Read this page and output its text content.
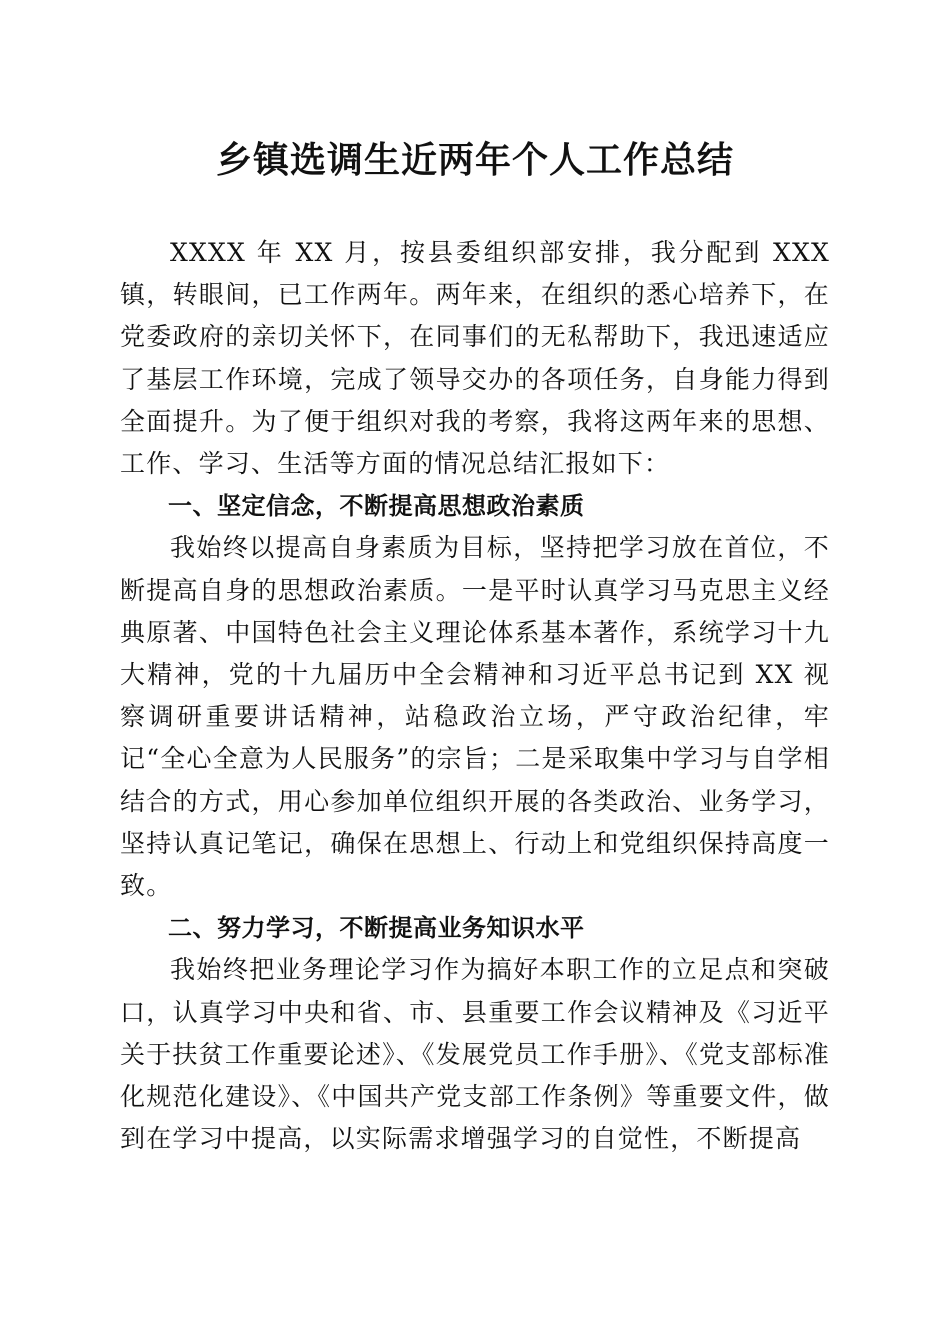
乡镇选调生近两年个人工作总结

XXXX 年 XX 月，按县委组织部安排，我分配到 XXX 镇，转眼间，已工作两年。两年来，在组织的悉心培养下，在党委政府的亲切关怀下，在同事们的无私帮助下，我迅速适应了基层工作环境，完成了领导交办的各项任务，自身能力得到全面提升。为了便于组织对我的考察，我将这两年来的思想、工作、学习、生活等方面的情况总结汇报如下：

一、坚定信念，不断提高思想政治素质

我始终以提高自身素质为目标，坚持把学习放在首位，不断提高自身的思想政治素质。一是平时认真学习马克思主义经典原著、中国特色社会主义理论体系基本著作，系统学习十九大精神，党的十九届历中全会精神和习近平总书记到 XX 视察调研重要讲话精神，站稳政治立场，严守政治纪律，牢记“全心全意为人民服务”的宗旨；二是采取集中学习与自学相结合的方式，用心参加单位组织开展的各类政治、业务学习，坚持认真记笔记，确保在思想上、行动上和党组织保持高度一致。

二、努力学习，不断提高业务知识水平

我始终把业务理论学习作为搞好本职工作的立足点和突破口，认真学习中央和省、市、县重要工作会议精神及《习近平关于扶贫工作重要论述》、《发展党员工作手册》、《党支部标准化规范化建设》、《中国共产党支部工作条例》等重要文件，做到在学习中提高，以实际需求增强学习的自觉性，不断提高
